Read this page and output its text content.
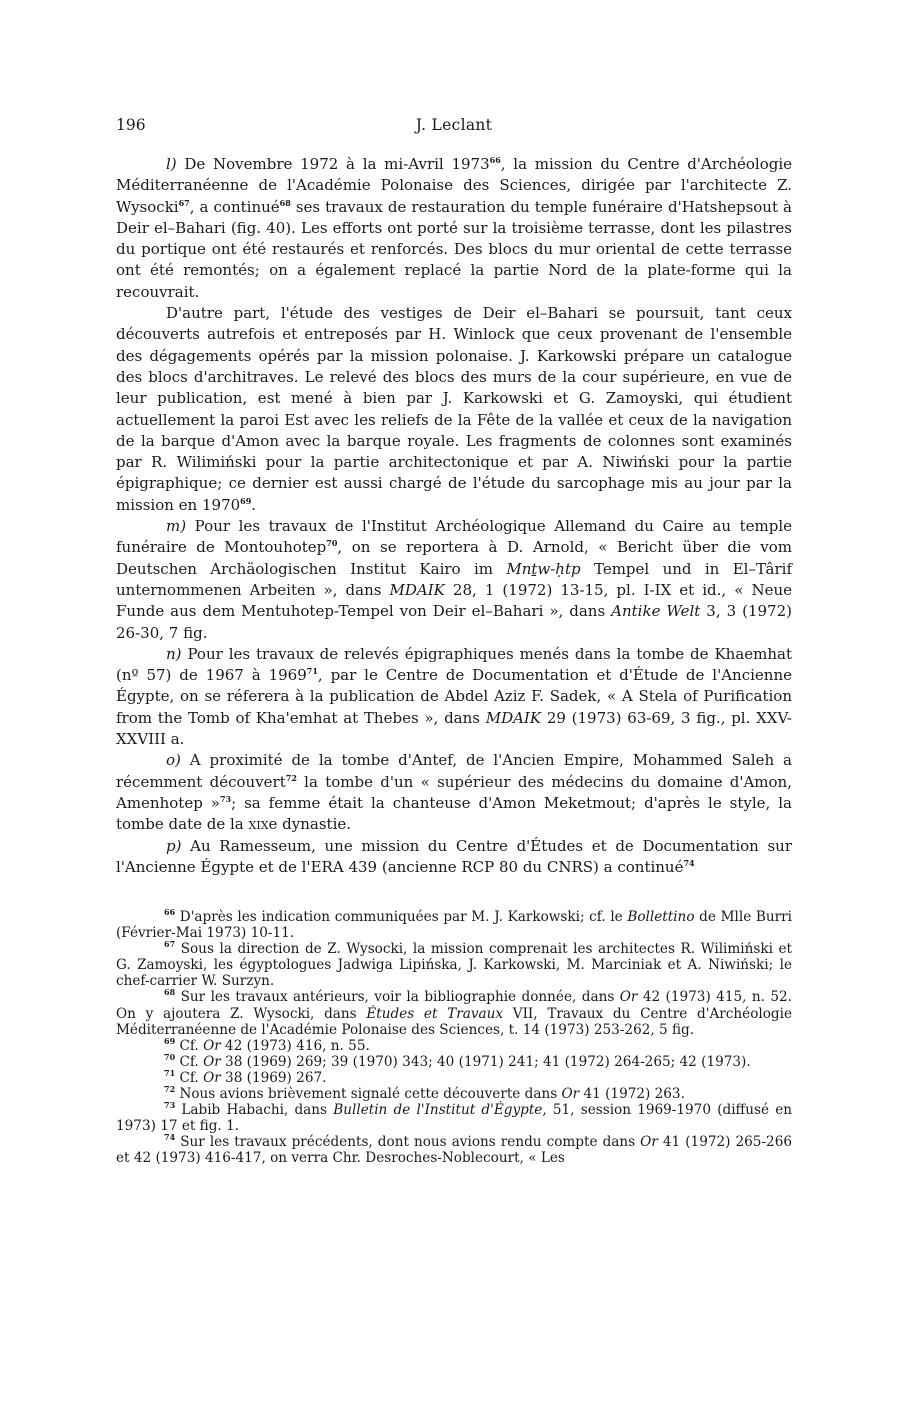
196	J. Leclant

l) De Novembre 1972 à la mi-Avril 1973$^{66}$, la mission du Centre d'Archéologie Méditerranéenne de l'Académie Polonaise des Sciences, dirigée par l'architecte Z. Wysocki$^{67}$, a continué$^{68}$ ses travaux de restauration du temple funéraire d'Hatshepsout à Deir el–Bahari (fig. 40). Les efforts ont porté sur la troisième terrasse, dont les pilastres du portique ont été restaurés et renforcés. Des blocs du mur oriental de cette terrasse ont été remontés; on a également replacé la partie Nord de la plate-forme qui la recouvrait.

D'autre part, l'étude des vestiges de Deir el–Bahari se poursuit, tant ceux découverts autrefois et entreposés par H. Winlock que ceux provenant de l'ensemble des dégagements opérés par la mission polonaise. J. Karkowski prépare un catalogue des blocs d'architraves. Le relevé des blocs des murs de la cour supérieure, en vue de leur publication, est mené à bien par J. Karkowski et G. Zamoyski, qui étudient actuellement la paroi Est avec les reliefs de la Fête de la vallée et ceux de la navigation de la barque d'Amon avec la barque royale. Les fragments de colonnes sont examinés par R. Wilimiński pour la partie architectonique et par A. Niwiński pour la partie épigraphique; ce dernier est aussi chargé de l'étude du sarcophage mis au jour par la mission en 1970$^{69}$.

m) Pour les travaux de l'Institut Archéologique Allemand du Caire au temple funéraire de Montouhotep$^{70}$, on se reportera à D. Arnold, « Bericht über die vom Deutschen Archäologischen Institut Kairo im Mnṯw-ḥtp Tempel und in El–Târif unternommenen Arbeiten », dans MDAIK 28, 1 (1972) 13-15, pl. I-IX et id., « Neue Funde aus dem Mentuhotep-Tempel von Deir el–Bahari », dans Antike Welt 3, 3 (1972) 26-30, 7 fig.

n) Pour les travaux de relevés épigraphiques menés dans la tombe de Khaemhat (nº 57) de 1967 à 1969$^{71}$, par le Centre de Documentation et d'Étude de l'Ancienne Égypte, on se réferera à la publication de Abdel Aziz F. Sadek, « A Stela of Purification from the Tomb of Kha'emhat at Thebes », dans MDAIK 29 (1973) 63-69, 3 fig., pl. XXV-XXVIII a.

o) A proximité de la tombe d'Antef, de l'Ancien Empire, Mohammed Saleh a récemment découvert$^{72}$ la tombe d'un « supérieur des médecins du domaine d'Amon, Amenhotep »$^{73}$; sa femme était la chanteuse d'Amon Meketmout; d'après le style, la tombe date de la xixe dynastie.

p) Au Ramesseum, une mission du Centre d'Études et de Documentation sur l'Ancienne Égypte et de l'ERA 439 (ancienne RCP 80 du CNRS) a continué$^{74}$

$^{66}$ D'après les indication communiquées par M. J. Karkowski; cf. le Bollettino de Mlle Burri (Février-Mai 1973) 10-11.

$^{67}$ Sous la direction de Z. Wysocki, la mission comprenait les architectes R. Wilimiński et G. Zamoyski, les égyptologues Jadwiga Lipińska, J. Karkowski, M. Marciniak et A. Niwiński; le chef-carrier W. Surzyn.

$^{68}$ Sur les travaux antérieurs, voir la bibliographie donnée, dans Or 42 (1973) 415, n. 52. On y ajoutera Z. Wysocki, dans Études et Travaux VII, Travaux du Centre d'Archéologie Méditerranéenne de l'Académie Polonaise des Sciences, t. 14 (1973) 253-262, 5 fig.

$^{69}$ Cf. Or 42 (1973) 416, n. 55.

$^{70}$ Cf. Or 38 (1969) 269; 39 (1970) 343; 40 (1971) 241; 41 (1972) 264-265; 42 (1973).

$^{71}$ Cf. Or 38 (1969) 267.

$^{72}$ Nous avions brièvement signalé cette découverte dans Or 41 (1972) 263.

$^{73}$ Labib Habachi, dans Bulletin de l'Institut d'Égypte, 51, session 1969-1970 (diffusé en 1973) 17 et fig. 1.

$^{74}$ Sur les travaux précédents, dont nous avions rendu compte dans Or 41 (1972) 265-266 et 42 (1973) 416-417, on verra Chr. Desroches-Noblecourt, « Les
